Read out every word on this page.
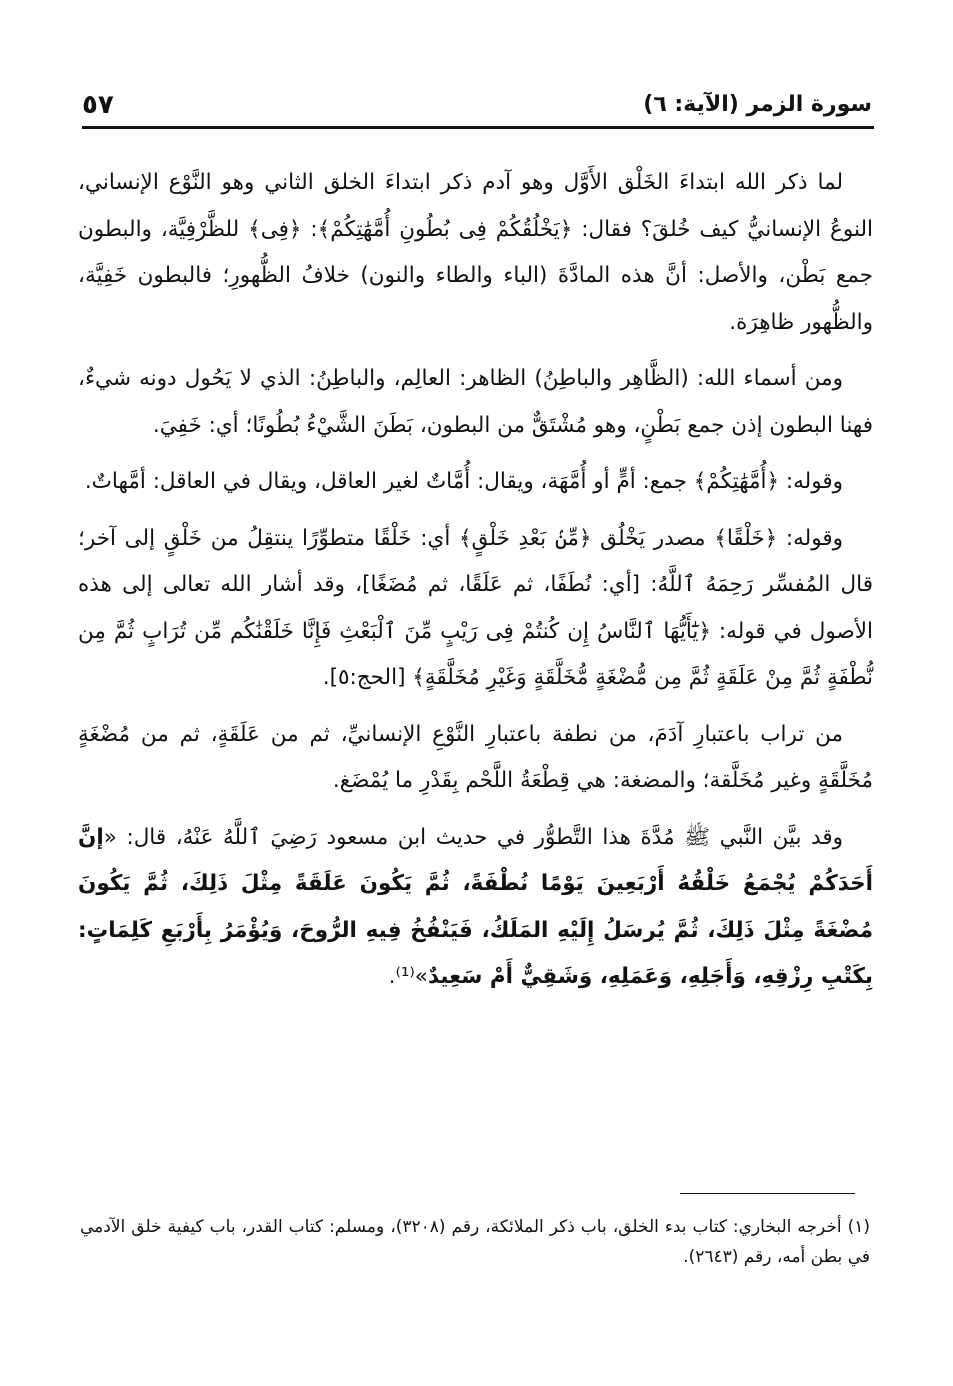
سورة الزمر (الآية: ٦)
٥٧

لما ذكر الله ابتداءَ الخَلْق الأَوَّل وهو آدم ذكر ابتداءَ الخلق الثاني وهو النَّوْع الإنساني، النوعُ الإنسانيُّ كيف خُلقَ؟ فقال: ﴿يَخْلُقُكُمْ فِى بُطُونِ أُمَّهَٰتِكُمْ﴾: ﴿فِى﴾ للظَّرْفِيَّة، والبطون جمع بَطْن، والأصل: أنَّ هذه المادَّةَ (الباء والطاء والنون) خلافُ الظُّهورِ؛ فالبطون خَفِيَّة، والظُّهور ظاهِرَة.

ومن أسماء الله: (الظَّاهِر والباطِنُ) الظاهر: العالِم، والباطِنُ: الذي لا يَحُول دونه شيءٌ، فهنا البطون إذن جمع بَطْنٍ، وهو مُشْتَقٌّ من البطون، بَطَنَ الشَّيْءُ بُطُونًا؛ أي: خَفِيَ.

وقوله: ﴿أُمَّهَٰتِكُمْ﴾ جمع: أمٍّ أو أُمَّهَة، ويقال: أُمَّاتٌ لغير العاقل، ويقال في العاقل: أمَّهاتٌ.

وقوله: ﴿خَلْقًا﴾ مصدر يَخْلُق ﴿مِّنۢ بَعْدِ خَلْقٍ﴾ أي: خَلْقًا متطوِّرًا ينتقِلُ من خَلْقٍ إلى آخر؛ قال المُفسِّر رَحِمَهُ ٱللَّهُ: [أي: نُطَفًا، ثم عَلَقًا، ثم مُضَغًا]، وقد أشار الله تعالى إلى هذه الأصول في قوله: ﴿يَٰٓأَيُّهَا ٱلنَّاسُ إِن كُنتُمْ فِى رَيْبٍ مِّنَ ٱلْبَعْثِ فَإِنَّا خَلَقْنَٰكُم مِّن تُرَابٍ ثُمَّ مِن نُّطْفَةٍ ثُمَّ مِنْ عَلَقَةٍ ثُمَّ مِن مُّضْغَةٍ مُّخَلَّقَةٍ وَغَيْرِ مُخَلَّقَةٍ﴾ [الحج:٥].

من تراب باعتبارِ آدَمَ، من نطفة باعتبارِ النَّوْعِ الإنسانيِّ، ثم من عَلَقَةٍ، ثم من مُضْغَةٍ مُخَلَّقَةٍ وغير مُخَلَّقة؛ والمضغة: هي قِطْعَةُ اللَّحْم بِقَدْرِ ما يُمْضَغ.

وقد بيَّن النَّبي ﷺ مُدَّةَ هذا التَّطوُّر في حديث ابن مسعود رَضِيَ ٱللَّهُ عَنْهُ، قال: «إنَّ أَحَدَكُمْ يُجْمَعُ خَلْقُهُ أَرْبَعِينَ يَوْمًا نُطْفَةً، ثُمَّ يَكُونَ عَلَقَةً مِثْلَ ذَلِكَ، ثُمَّ يَكُونَ مُضْغَةً مِثْلَ ذَلِكَ، ثُمَّ يُرسَلُ إِلَيْهِ المَلَكُ، فَيَنْفُخُ فِيهِ الرُّوحَ، وَيُؤْمَرُ بِأَرْبَعِ كَلِمَاتٍ: بِكَتْبِ رِزْقِهِ، وَأَجَلِهِ، وَعَمَلِهِ، وَشَقِيٌّ أَمْ سَعِيدٌ»⁽¹⁾.

(١) أخرجه البخاري: كتاب بدء الخلق، باب ذكر الملائكة، رقم (٣٢٠٨)، ومسلم: كتاب القدر، باب كيفية خلق الآدمي في بطن أمه، رقم (٢٦٤٣).
